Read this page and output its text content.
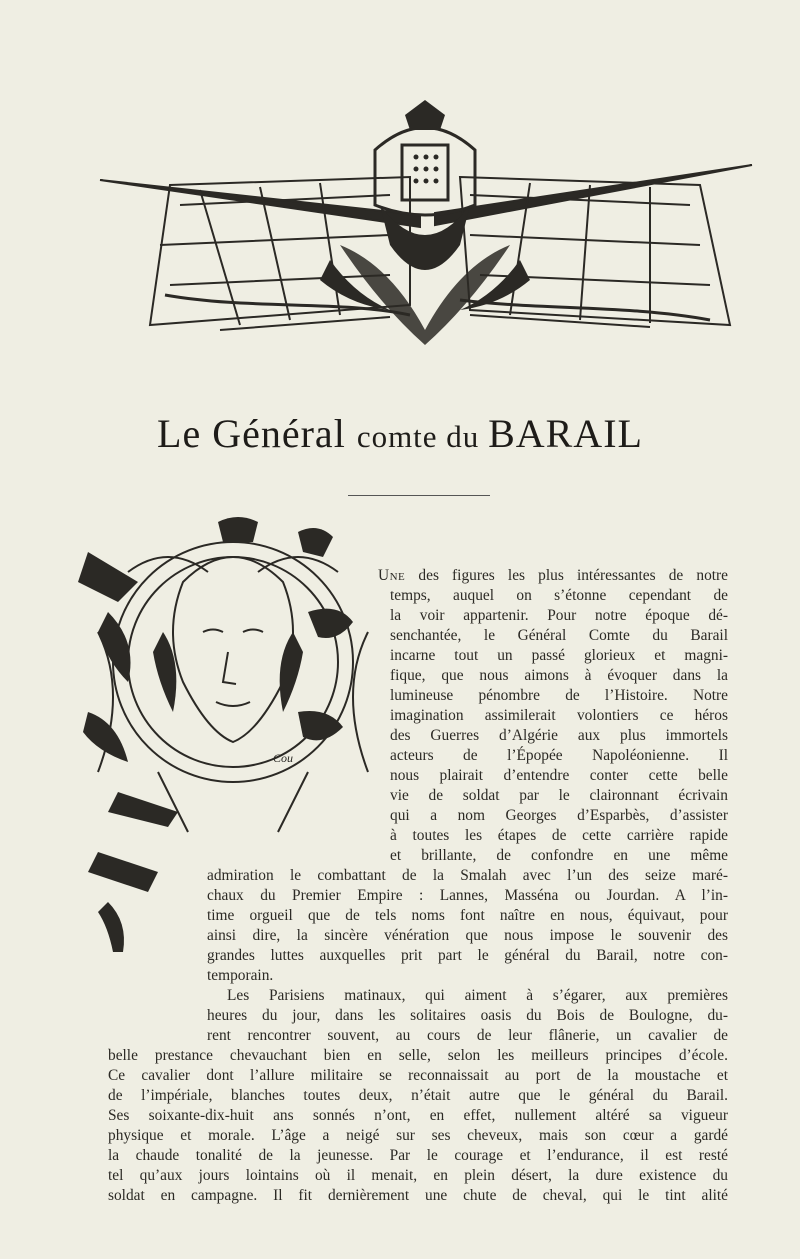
Le Général comte du BARAIL
Cou
Une des figures les plus intéressantes de notre
temps, auquel on s’étonne cependant de
la voir appartenir. Pour notre époque dé-
senchantée, le Général Comte du Barail
incarne tout un passé glorieux et magni-
fique, que nous aimons à évoquer dans la
lumineuse pénombre de l’Histoire. Notre
imagination assimilerait volontiers ce héros
des Guerres d’Algérie aux plus immortels
acteurs de l’Épopée Napoléonienne. Il
nous plairait d’entendre conter cette belle
vie de soldat par le claironnant écrivain
qui a nom Georges d’Esparbès, d’assister
à toutes les étapes de cette carrière rapide
et brillante, de confondre en une même
admiration le combattant de la Smalah avec l’un des seize maré-
chaux du Premier Empire : Lannes, Masséna ou Jourdan. A l’in-
time orgueil que de tels noms font naître en nous, équivaut, pour
ainsi dire, la sincère vénération que nous impose le souvenir des
grandes luttes auxquelles prit part le général du Barail, notre con-
temporain.
Les Parisiens matinaux, qui aiment à s’égarer, aux premières
heures du jour, dans les solitaires oasis du Bois de Boulogne, du-
rent rencontrer souvent, au cours de leur flânerie, un cavalier de
belle prestance chevauchant bien en selle, selon les meilleurs principes d’école.
Ce cavalier dont l’allure militaire se reconnaissait au port de la moustache et
de l’impériale, blanches toutes deux, n’était autre que le général du Barail.
Ses soixante-dix-huit ans sonnés n’ont, en effet, nullement altéré sa vigueur
physique et morale. L’âge a neigé sur ses cheveux, mais son cœur a gardé
la chaude tonalité de la jeunesse. Par le courage et l’endurance, il est resté
tel qu’aux jours lointains où il menait, en plein désert, la dure existence du
soldat en campagne. Il fit dernièrement une chute de cheval, qui le tint alité
